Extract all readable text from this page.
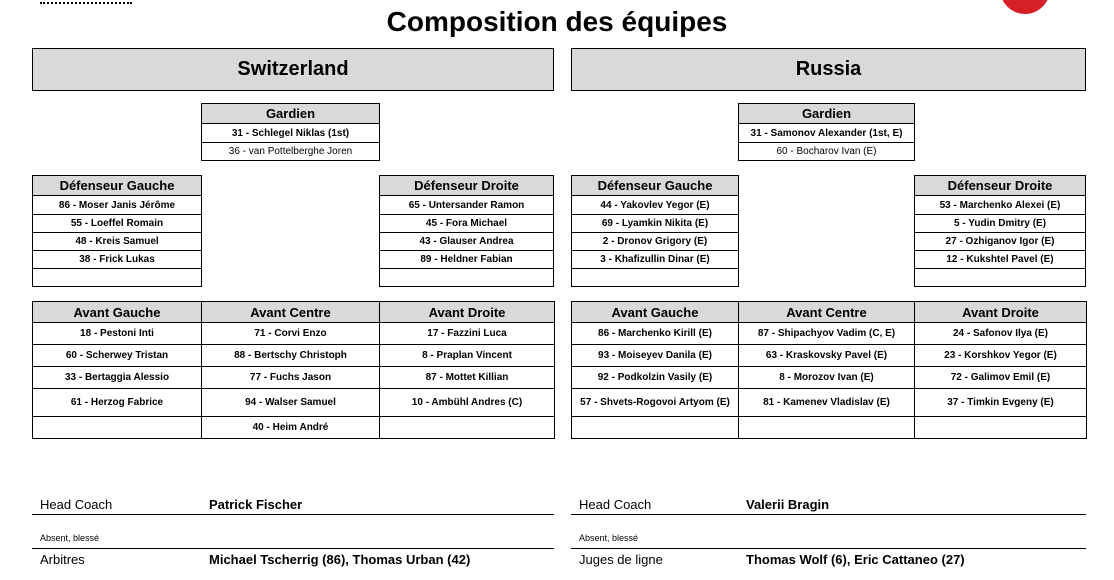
Composition des équipes
Switzerland
Gardien
31 - Schlegel Niklas (1st)
36 - van Pottelberghe Joren
Défenseur Gauche
86 - Moser Janis Jérôme
55 - Loeffel Romain
48 - Kreis Samuel
38 - Frick Lukas
Défenseur Droite
65 - Untersander Ramon
45 - Fora Michael
43 - Glauser Andrea
89 - Heldner Fabian
Avant Gauche	Avant Centre	Avant Droite
18 - Pestoni Inti	71 - Corvi Enzo	17 - Fazzini Luca
60 - Scherwey Tristan	88 - Bertschy Christoph	8 - Praplan Vincent
33 - Bertaggia Alessio	77 - Fuchs Jason	87 - Mottet Killian
61 - Herzog Fabrice	94 - Walser Samuel	10 - Ambühl Andres (C)
	40 - Heim André	
Head Coach	Patrick Fischer
Absent, blessé
Arbitres	Michael Tscherrig (86), Thomas Urban (42)
Russia
Gardien
31 - Samonov Alexander (1st, E)
60 - Bocharov Ivan (E)
Défenseur Gauche
44 - Yakovlev Yegor (E)
69 - Lyamkin Nikita (E)
2 - Dronov Grigory (E)
3 - Khafizullin Dinar (E)
Défenseur Droite
53 - Marchenko Alexei (E)
5 - Yudin Dmitry (E)
27 - Ozhiganov Igor (E)
12 - Kukshtel Pavel (E)
Avant Gauche	Avant Centre	Avant Droite
86 - Marchenko Kirill (E)	87 - Shipachyov Vadim (C, E)	24 - Safonov Ilya (E)
93 - Moiseyev Danila (E)	63 - Kraskovsky Pavel (E)	23 - Korshkov Yegor (E)
92 - Podkolzin Vasily (E)	8 - Morozov Ivan (E)	72 - Galimov Emil (E)
57 - Shvets-Rogovoi Artyom (E)	81 - Kamenev Vladislav (E)	37 - Timkin Evgeny (E)

Head Coach	Valerii Bragin
Absent, blessé
Juges de ligne	Thomas Wolf (6), Eric Cattaneo (27)
